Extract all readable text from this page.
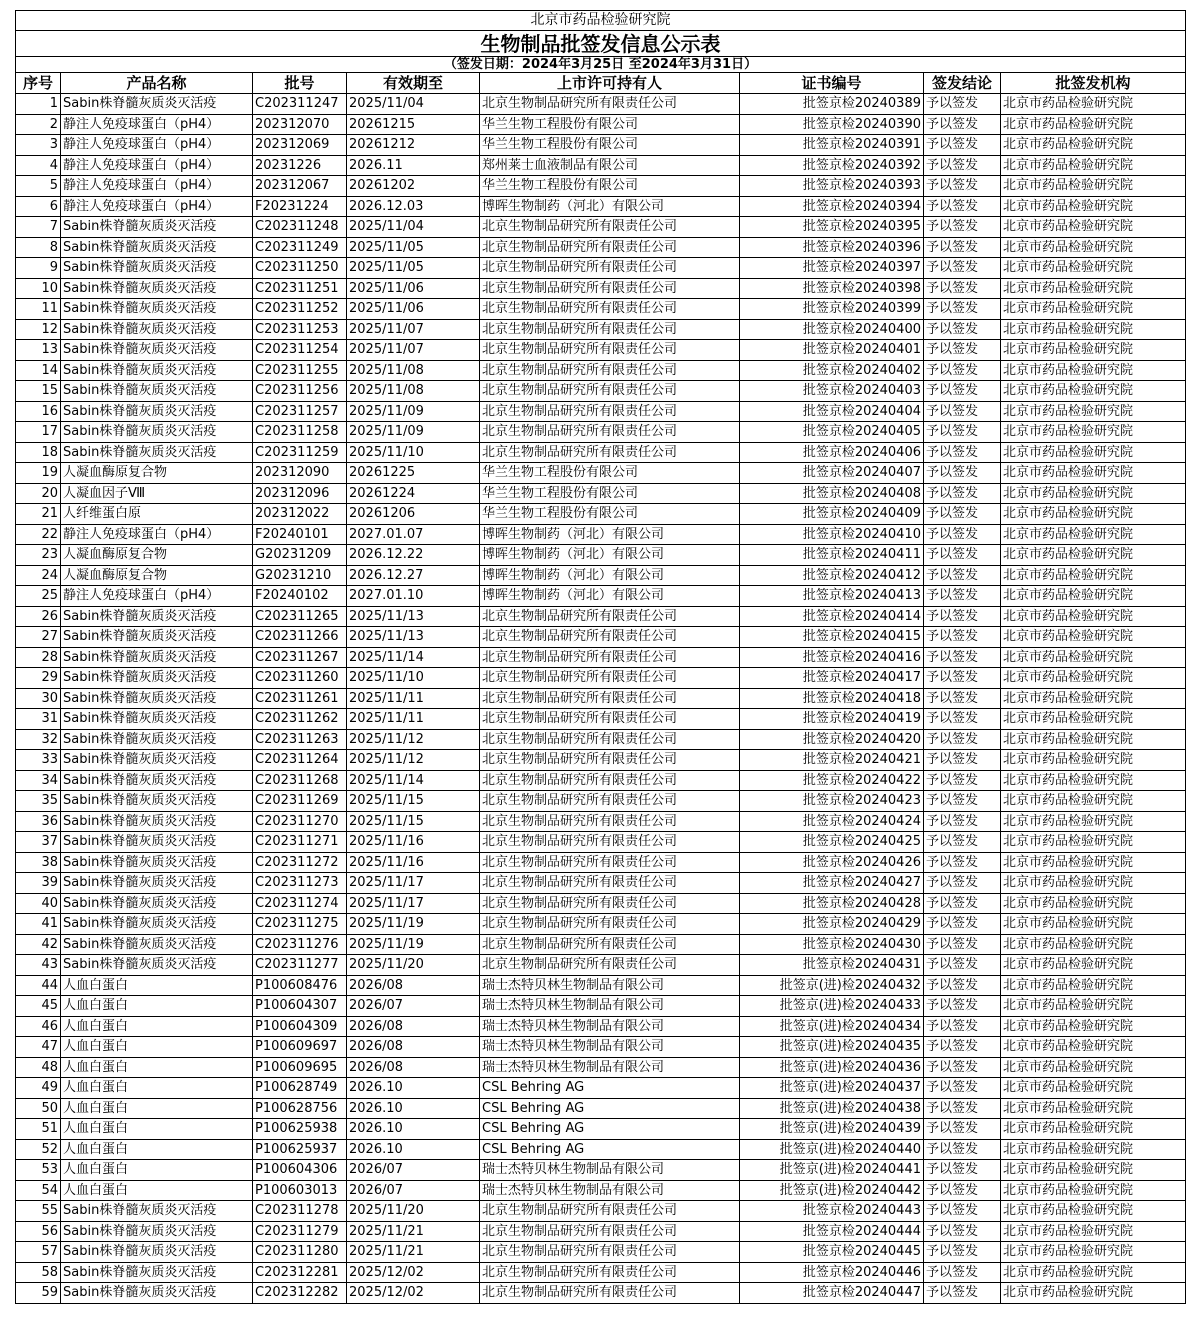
北京市药品检验研究院							
生物制品批签发信息公示表							
（签发日期：2024年3月25日 至2024年3月31日）							
序号	产品名称	批号	有效期至	上市许可持有人	证书编号	签发结论	批签发机构
1	Sabin株脊髓灰质炎灭活疫	C202311247	2025/11/04	北京生物制品研究所有限责任公司	批签京检20240389	予以签发	北京市药品检验研究院
2	静注人免疫球蛋白（pH4）	202312070	20261215	华兰生物工程股份有限公司	批签京检20240390	予以签发	北京市药品检验研究院
3	静注人免疫球蛋白（pH4）	202312069	20261212	华兰生物工程股份有限公司	批签京检20240391	予以签发	北京市药品检验研究院
4	静注人免疫球蛋白（pH4）	20231226	2026.11	郑州莱士血液制品有限公司	批签京检20240392	予以签发	北京市药品检验研究院
5	静注人免疫球蛋白（pH4）	202312067	20261202	华兰生物工程股份有限公司	批签京检20240393	予以签发	北京市药品检验研究院
6	静注人免疫球蛋白（pH4）	F20231224	2026.12.03	博晖生物制药（河北）有限公司	批签京检20240394	予以签发	北京市药品检验研究院
7	Sabin株脊髓灰质炎灭活疫	C202311248	2025/11/04	北京生物制品研究所有限责任公司	批签京检20240395	予以签发	北京市药品检验研究院
8	Sabin株脊髓灰质炎灭活疫	C202311249	2025/11/05	北京生物制品研究所有限责任公司	批签京检20240396	予以签发	北京市药品检验研究院
9	Sabin株脊髓灰质炎灭活疫	C202311250	2025/11/05	北京生物制品研究所有限责任公司	批签京检20240397	予以签发	北京市药品检验研究院
10	Sabin株脊髓灰质炎灭活疫	C202311251	2025/11/06	北京生物制品研究所有限责任公司	批签京检20240398	予以签发	北京市药品检验研究院
11	Sabin株脊髓灰质炎灭活疫	C202311252	2025/11/06	北京生物制品研究所有限责任公司	批签京检20240399	予以签发	北京市药品检验研究院
12	Sabin株脊髓灰质炎灭活疫	C202311253	2025/11/07	北京生物制品研究所有限责任公司	批签京检20240400	予以签发	北京市药品检验研究院
13	Sabin株脊髓灰质炎灭活疫	C202311254	2025/11/07	北京生物制品研究所有限责任公司	批签京检20240401	予以签发	北京市药品检验研究院
14	Sabin株脊髓灰质炎灭活疫	C202311255	2025/11/08	北京生物制品研究所有限责任公司	批签京检20240402	予以签发	北京市药品检验研究院
15	Sabin株脊髓灰质炎灭活疫	C202311256	2025/11/08	北京生物制品研究所有限责任公司	批签京检20240403	予以签发	北京市药品检验研究院
16	Sabin株脊髓灰质炎灭活疫	C202311257	2025/11/09	北京生物制品研究所有限责任公司	批签京检20240404	予以签发	北京市药品检验研究院
17	Sabin株脊髓灰质炎灭活疫	C202311258	2025/11/09	北京生物制品研究所有限责任公司	批签京检20240405	予以签发	北京市药品检验研究院
18	Sabin株脊髓灰质炎灭活疫	C202311259	2025/11/10	北京生物制品研究所有限责任公司	批签京检20240406	予以签发	北京市药品检验研究院
19	人凝血酶原复合物	202312090	20261225	华兰生物工程股份有限公司	批签京检20240407	予以签发	北京市药品检验研究院
20	人凝血因子Ⅷ	202312096	20261224	华兰生物工程股份有限公司	批签京检20240408	予以签发	北京市药品检验研究院
21	人纤维蛋白原	202312022	20261206	华兰生物工程股份有限公司	批签京检20240409	予以签发	北京市药品检验研究院
22	静注人免疫球蛋白（pH4）	F20240101	2027.01.07	博晖生物制药（河北）有限公司	批签京检20240410	予以签发	北京市药品检验研究院
23	人凝血酶原复合物	G20231209	2026.12.22	博晖生物制药（河北）有限公司	批签京检20240411	予以签发	北京市药品检验研究院
24	人凝血酶原复合物	G20231210	2026.12.27	博晖生物制药（河北）有限公司	批签京检20240412	予以签发	北京市药品检验研究院
25	静注人免疫球蛋白（pH4）	F20240102	2027.01.10	博晖生物制药（河北）有限公司	批签京检20240413	予以签发	北京市药品检验研究院
26	Sabin株脊髓灰质炎灭活疫	C202311265	2025/11/13	北京生物制品研究所有限责任公司	批签京检20240414	予以签发	北京市药品检验研究院
27	Sabin株脊髓灰质炎灭活疫	C202311266	2025/11/13	北京生物制品研究所有限责任公司	批签京检20240415	予以签发	北京市药品检验研究院
28	Sabin株脊髓灰质炎灭活疫	C202311267	2025/11/14	北京生物制品研究所有限责任公司	批签京检20240416	予以签发	北京市药品检验研究院
29	Sabin株脊髓灰质炎灭活疫	C202311260	2025/11/10	北京生物制品研究所有限责任公司	批签京检20240417	予以签发	北京市药品检验研究院
30	Sabin株脊髓灰质炎灭活疫	C202311261	2025/11/11	北京生物制品研究所有限责任公司	批签京检20240418	予以签发	北京市药品检验研究院
31	Sabin株脊髓灰质炎灭活疫	C202311262	2025/11/11	北京生物制品研究所有限责任公司	批签京检20240419	予以签发	北京市药品检验研究院
32	Sabin株脊髓灰质炎灭活疫	C202311263	2025/11/12	北京生物制品研究所有限责任公司	批签京检20240420	予以签发	北京市药品检验研究院
33	Sabin株脊髓灰质炎灭活疫	C202311264	2025/11/12	北京生物制品研究所有限责任公司	批签京检20240421	予以签发	北京市药品检验研究院
34	Sabin株脊髓灰质炎灭活疫	C202311268	2025/11/14	北京生物制品研究所有限责任公司	批签京检20240422	予以签发	北京市药品检验研究院
35	Sabin株脊髓灰质炎灭活疫	C202311269	2025/11/15	北京生物制品研究所有限责任公司	批签京检20240423	予以签发	北京市药品检验研究院
36	Sabin株脊髓灰质炎灭活疫	C202311270	2025/11/15	北京生物制品研究所有限责任公司	批签京检20240424	予以签发	北京市药品检验研究院
37	Sabin株脊髓灰质炎灭活疫	C202311271	2025/11/16	北京生物制品研究所有限责任公司	批签京检20240425	予以签发	北京市药品检验研究院
38	Sabin株脊髓灰质炎灭活疫	C202311272	2025/11/16	北京生物制品研究所有限责任公司	批签京检20240426	予以签发	北京市药品检验研究院
39	Sabin株脊髓灰质炎灭活疫	C202311273	2025/11/17	北京生物制品研究所有限责任公司	批签京检20240427	予以签发	北京市药品检验研究院
40	Sabin株脊髓灰质炎灭活疫	C202311274	2025/11/17	北京生物制品研究所有限责任公司	批签京检20240428	予以签发	北京市药品检验研究院
41	Sabin株脊髓灰质炎灭活疫	C202311275	2025/11/19	北京生物制品研究所有限责任公司	批签京检20240429	予以签发	北京市药品检验研究院
42	Sabin株脊髓灰质炎灭活疫	C202311276	2025/11/19	北京生物制品研究所有限责任公司	批签京检20240430	予以签发	北京市药品检验研究院
43	Sabin株脊髓灰质炎灭活疫	C202311277	2025/11/20	北京生物制品研究所有限责任公司	批签京检20240431	予以签发	北京市药品检验研究院
44	人血白蛋白	P100608476	2026/08	瑞士杰特贝林生物制品有限公司	批签京(进)检20240432	予以签发	北京市药品检验研究院
45	人血白蛋白	P100604307	2026/07	瑞士杰特贝林生物制品有限公司	批签京(进)检20240433	予以签发	北京市药品检验研究院
46	人血白蛋白	P100604309	2026/08	瑞士杰特贝林生物制品有限公司	批签京(进)检20240434	予以签发	北京市药品检验研究院
47	人血白蛋白	P100609697	2026/08	瑞士杰特贝林生物制品有限公司	批签京(进)检20240435	予以签发	北京市药品检验研究院
48	人血白蛋白	P100609695	2026/08	瑞士杰特贝林生物制品有限公司	批签京(进)检20240436	予以签发	北京市药品检验研究院
49	人血白蛋白	P100628749	2026.10	CSL Behring AG	批签京(进)检20240437	予以签发	北京市药品检验研究院
50	人血白蛋白	P100628756	2026.10	CSL Behring AG	批签京(进)检20240438	予以签发	北京市药品检验研究院
51	人血白蛋白	P100625938	2026.10	CSL Behring AG	批签京(进)检20240439	予以签发	北京市药品检验研究院
52	人血白蛋白	P100625937	2026.10	CSL Behring AG	批签京(进)检20240440	予以签发	北京市药品检验研究院
53	人血白蛋白	P100604306	2026/07	瑞士杰特贝林生物制品有限公司	批签京(进)检20240441	予以签发	北京市药品检验研究院
54	人血白蛋白	P100603013	2026/07	瑞士杰特贝林生物制品有限公司	批签京(进)检20240442	予以签发	北京市药品检验研究院
55	Sabin株脊髓灰质炎灭活疫	C202311278	2025/11/20	北京生物制品研究所有限责任公司	批签京检20240443	予以签发	北京市药品检验研究院
56	Sabin株脊髓灰质炎灭活疫	C202311279	2025/11/21	北京生物制品研究所有限责任公司	批签京检20240444	予以签发	北京市药品检验研究院
57	Sabin株脊髓灰质炎灭活疫	C202311280	2025/11/21	北京生物制品研究所有限责任公司	批签京检20240445	予以签发	北京市药品检验研究院
58	Sabin株脊髓灰质炎灭活疫	C202312281	2025/12/02	北京生物制品研究所有限责任公司	批签京检20240446	予以签发	北京市药品检验研究院
59	Sabin株脊髓灰质炎灭活疫	C202312282	2025/12/02	北京生物制品研究所有限责任公司	批签京检20240447	予以签发	北京市药品检验研究院
